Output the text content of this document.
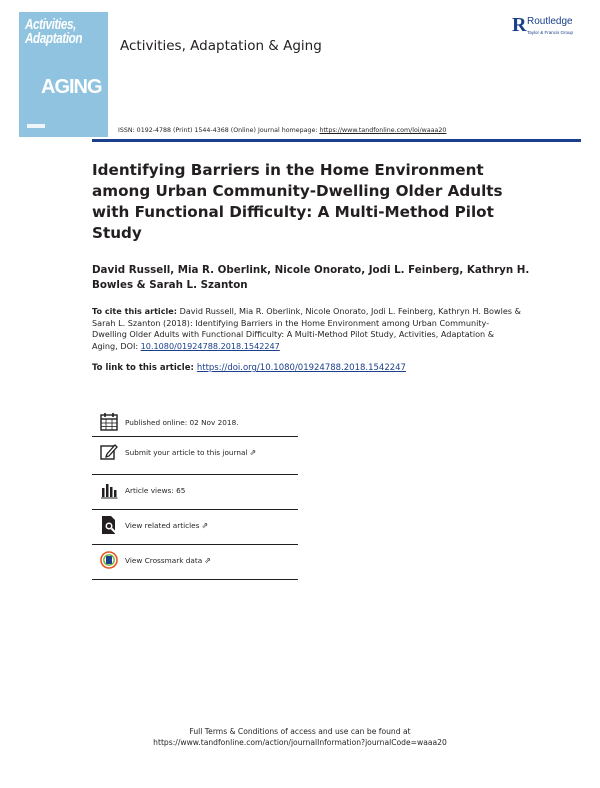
Activities,
Adaptation
AGING
Activities, Adaptation & Aging
R Routledge
Taylor & Francis Group
ISSN: 0192-4788 (Print) 1544-4368 (Online) Journal homepage: https://www.tandfonline.com/loi/waaa20
Identifying Barriers in the Home Environment among Urban Community-Dwelling Older Adults with Functional Difficulty: A Multi-Method Pilot Study
David Russell, Mia R. Oberlink, Nicole Onorato, Jodi L. Feinberg, Kathryn H. Bowles & Sarah L. Szanton
To cite this article: David Russell, Mia R. Oberlink, Nicole Onorato, Jodi L. Feinberg, Kathryn H. Bowles & Sarah L. Szanton (2018): Identifying Barriers in the Home Environment among Urban Community-Dwelling Older Adults with Functional Difficulty: A Multi-Method Pilot Study, Activities, Adaptation & Aging, DOI: 10.1080/01924788.2018.1542247
To link to this article: https://doi.org/10.1080/01924788.2018.1542247
Published online: 02 Nov 2018.
Submit your article to this journal ⇗
Article views: 65
View related articles ⇗
View Crossmark data ⇗
Full Terms & Conditions of access and use can be found at
https://www.tandfonline.com/action/journalInformation?journalCode=waaa20
